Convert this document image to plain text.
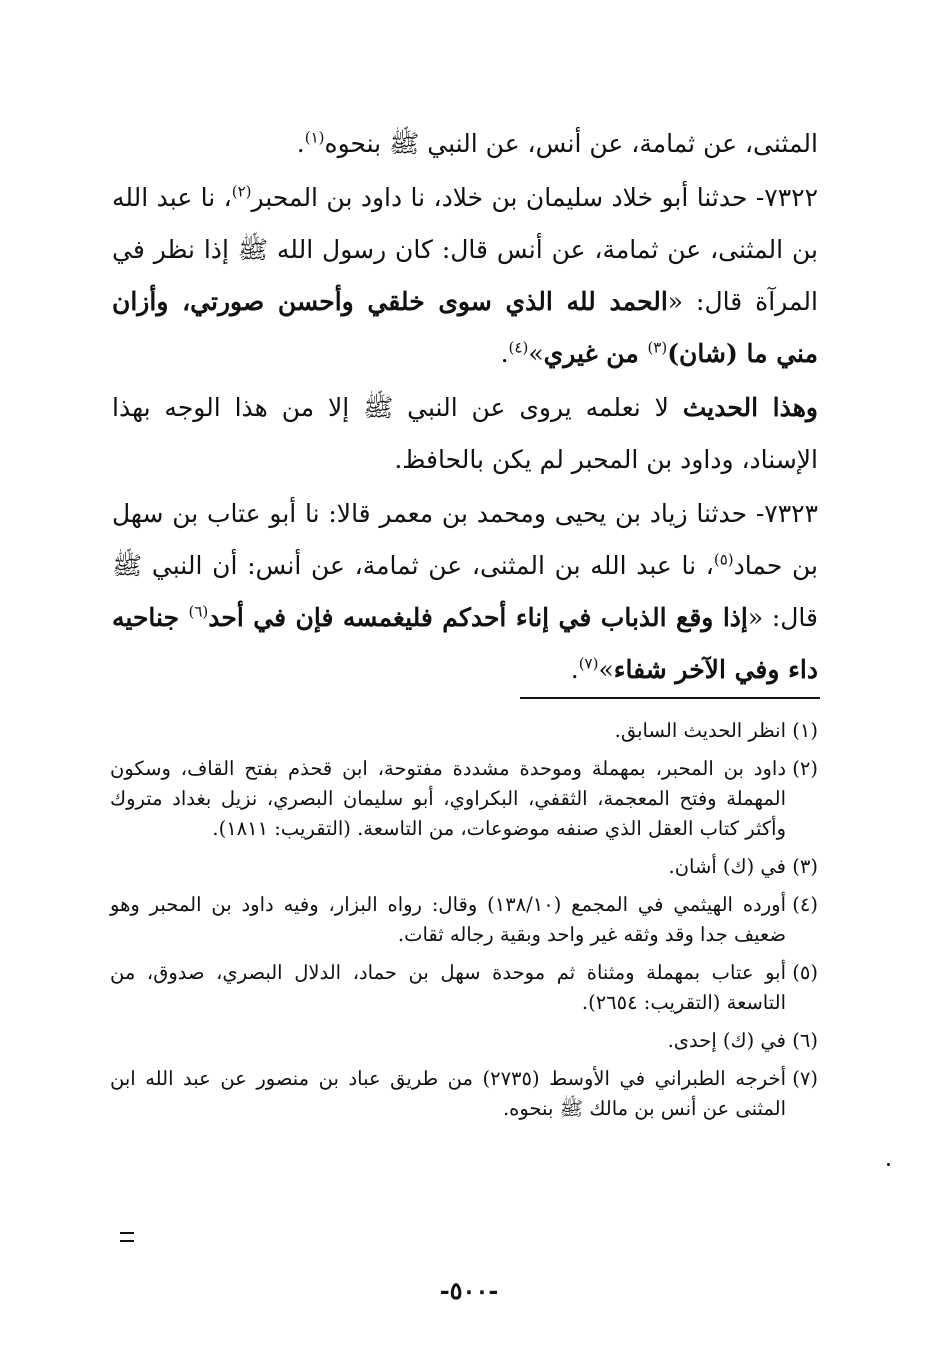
المثنى، عن ثمامة، عن أنس، عن النبي ﷺ بنحوه$^{(١)}$.

٧٣٢٢- حدثنا أبو خلاد سليمان بن خلاد، نا داود بن المحبر$^{(٢)}$، نا عبد الله بن المثنى، عن ثمامة، عن أنس قال: كان رسول الله ﷺ إذا نظر في المرآة قال: «الحمد لله الذي سوى خلقي وأحسن صورتي، وأزان مني ما (شان)$^{(٣)}$ من غيري»$^{(٤)}$.

وهذا الحديث لا نعلمه يروى عن النبي ﷺ إلا من هذا الوجه بهذا الإسناد، وداود بن المحبر لم يكن بالحافظ.

٧٣٢٣- حدثنا زياد بن يحيى ومحمد بن معمر قالا: نا أبو عتاب بن سهل بن حماد$^{(٥)}$، نا عبد الله بن المثنى، عن ثمامة، عن أنس: أن النبي ﷺ قال: «إذا وقع الذباب في إناء أحدكم فليغمسه فإن في أحد$^{(٦)}$ جناحيه داء وفي الآخر شفاء»$^{(٧)}$.

(١)انظر الحديث السابق.

(٢)داود بن المحبر، بمهملة وموحدة مشددة مفتوحة، ابن قحذم بفتح القاف، وسكون المهملة وفتح المعجمة، الثقفي، البكراوي، أبو سليمان البصري، نزيل بغداد متروك وأكثر كتاب العقل الذي صنفه موضوعات، من التاسعة. (التقريب: ١٨١١).

(٣)في (ك) أشان.

(٤)أورده الهيثمي في المجمع (١٣٨/١٠) وقال: رواه البزار، وفيه داود بن المحبر وهو ضعيف جدا وقد وثقه غير واحد وبقية رجاله ثقات.

(٥)أبو عتاب بمهملة ومثناة ثم موحدة سهل بن حماد، الدلال البصري، صدوق، من التاسعة (التقريب: ٢٦٥٤).

(٦)في (ك) إحدى.

(٧)أخرجه الطبراني في الأوسط (٢٧٣٥) من طريق عباد بن منصور عن عبد الله ابن المثنى عن أنس بن مالك ﷺ بنحوه.

-٥٠٠-
